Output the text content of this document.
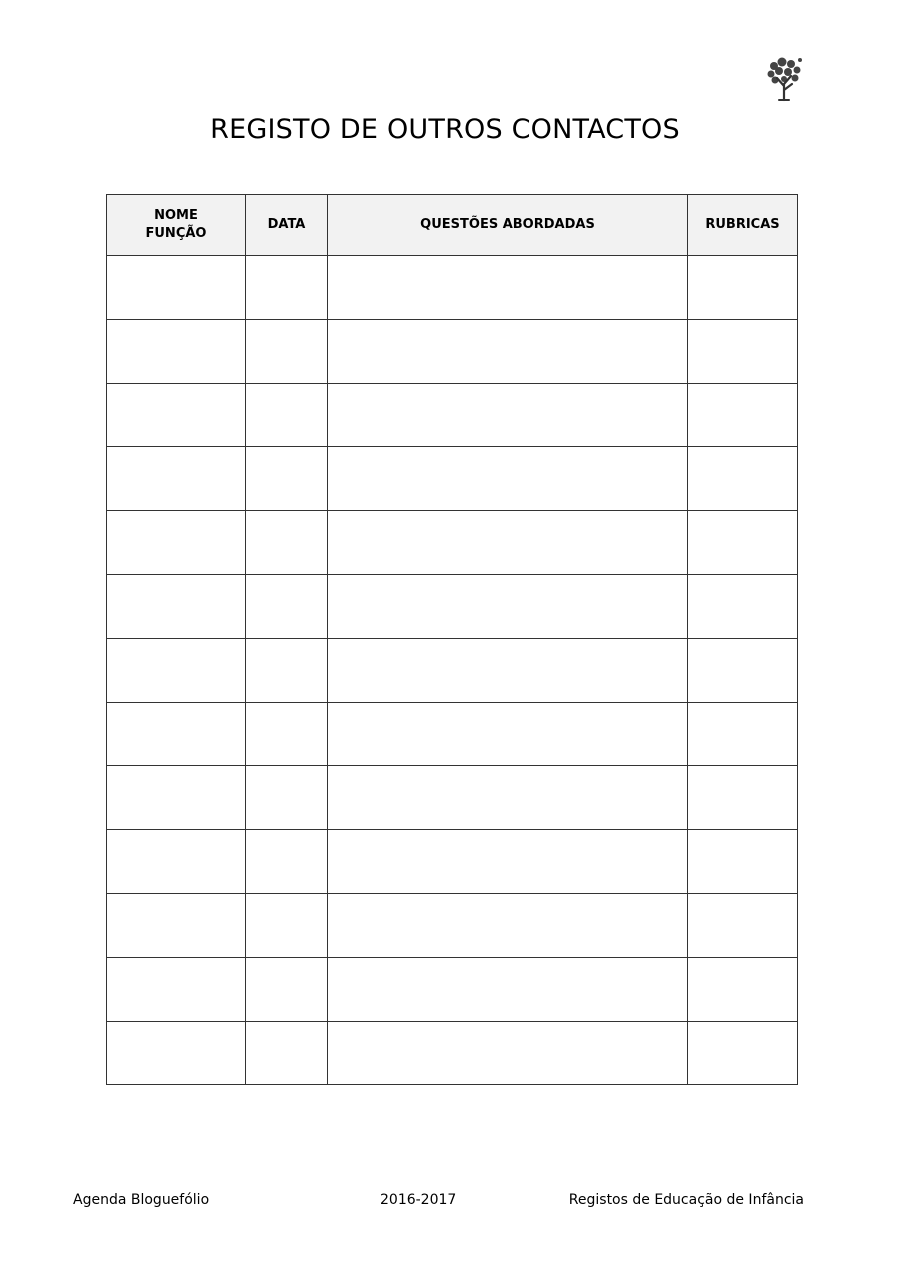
REGISTO DE OUTROS CONTACTOS
NOME
FUNÇÃO	DATA	QUESTÕES ABORDADAS	RUBRICAS

Agenda Bloguefólio	2016-2017	Registos de Educação de Infância
